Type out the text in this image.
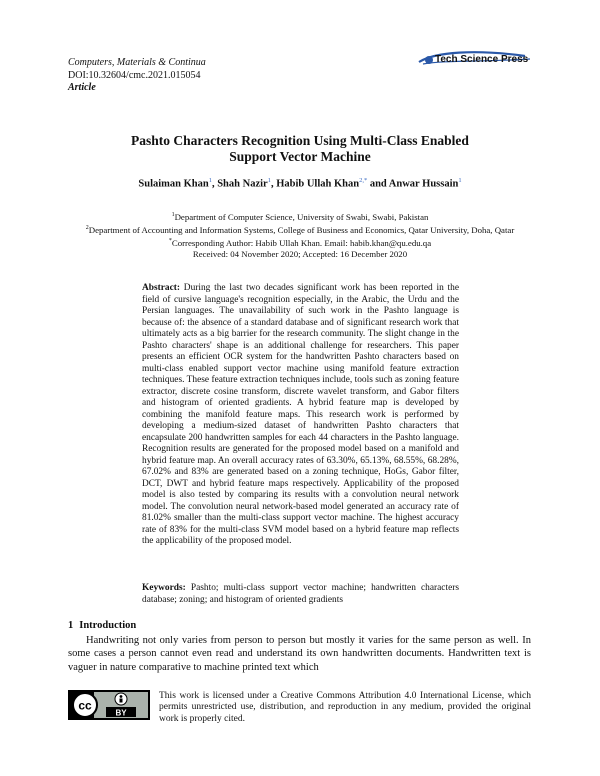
Computers, Materials & Continua
DOI:10.32604/cmc.2021.015054
Article
Tech Science Press
Pashto Characters Recognition Using Multi-Class Enabled
Support Vector Machine
Sulaiman Khan$^1$, Shah Nazir$^1$, Habib Ullah Khan$^{2,*}$ and Anwar Hussain$^1$
$^1$Department of Computer Science, University of Swabi, Swabi, Pakistan
$^2$Department of Accounting and Information Systems, College of Business and Economics, Qatar University, Doha, Qatar
*Corresponding Author: Habib Ullah Khan. Email: habib.khan@qu.edu.qa
Received: 04 November 2020; Accepted: 16 December 2020
Abstract: During the last two decades significant work has been reported in the field of cursive language's recognition especially, in the Arabic, the Urdu and the Persian languages. The unavailability of such work in the Pashto language is because of: the absence of a standard database and of significant research work that ultimately acts as a big barrier for the research community. The slight change in the Pashto characters' shape is an additional challenge for researchers. This paper presents an efficient OCR system for the handwritten Pashto characters based on multi-class enabled support vector machine using manifold feature extraction techniques. These feature extraction techniques include, tools such as zoning feature extractor, discrete cosine transform, discrete wavelet transform, and Gabor filters and histogram of oriented gradients. A hybrid feature map is developed by combining the manifold feature maps. This research work is performed by developing a medium-sized dataset of handwritten Pashto characters that encapsulate 200 handwritten samples for each 44 characters in the Pashto language. Recognition results are generated for the proposed model based on a manifold and hybrid feature map. An overall accuracy rates of 63.30%, 65.13%, 68.55%, 68.28%, 67.02% and 83% are generated based on a zoning technique, HoGs, Gabor filter, DCT, DWT and hybrid feature maps respectively. Applicability of the proposed model is also tested by comparing its results with a convolution neural network model. The convolution neural network-based model generated an accuracy rate of 81.02% smaller than the multi-class support vector machine. The highest accuracy rate of 83% for the multi-class SVM model based on a hybrid feature map reflects the applicability of the proposed model.
Keywords: Pashto; multi-class support vector machine; handwritten characters database; zoning; and histogram of oriented gradients
1 Introduction
Handwriting not only varies from person to person but mostly it varies for the same person as well. In some cases a person cannot even read and understand its own handwritten documents. Handwritten text is vaguer in nature comparative to machine printed text which
cc
BY
This work is licensed under a Creative Commons Attribution 4.0 International License, which permits unrestricted use, distribution, and reproduction in any medium, provided the original work is properly cited.
